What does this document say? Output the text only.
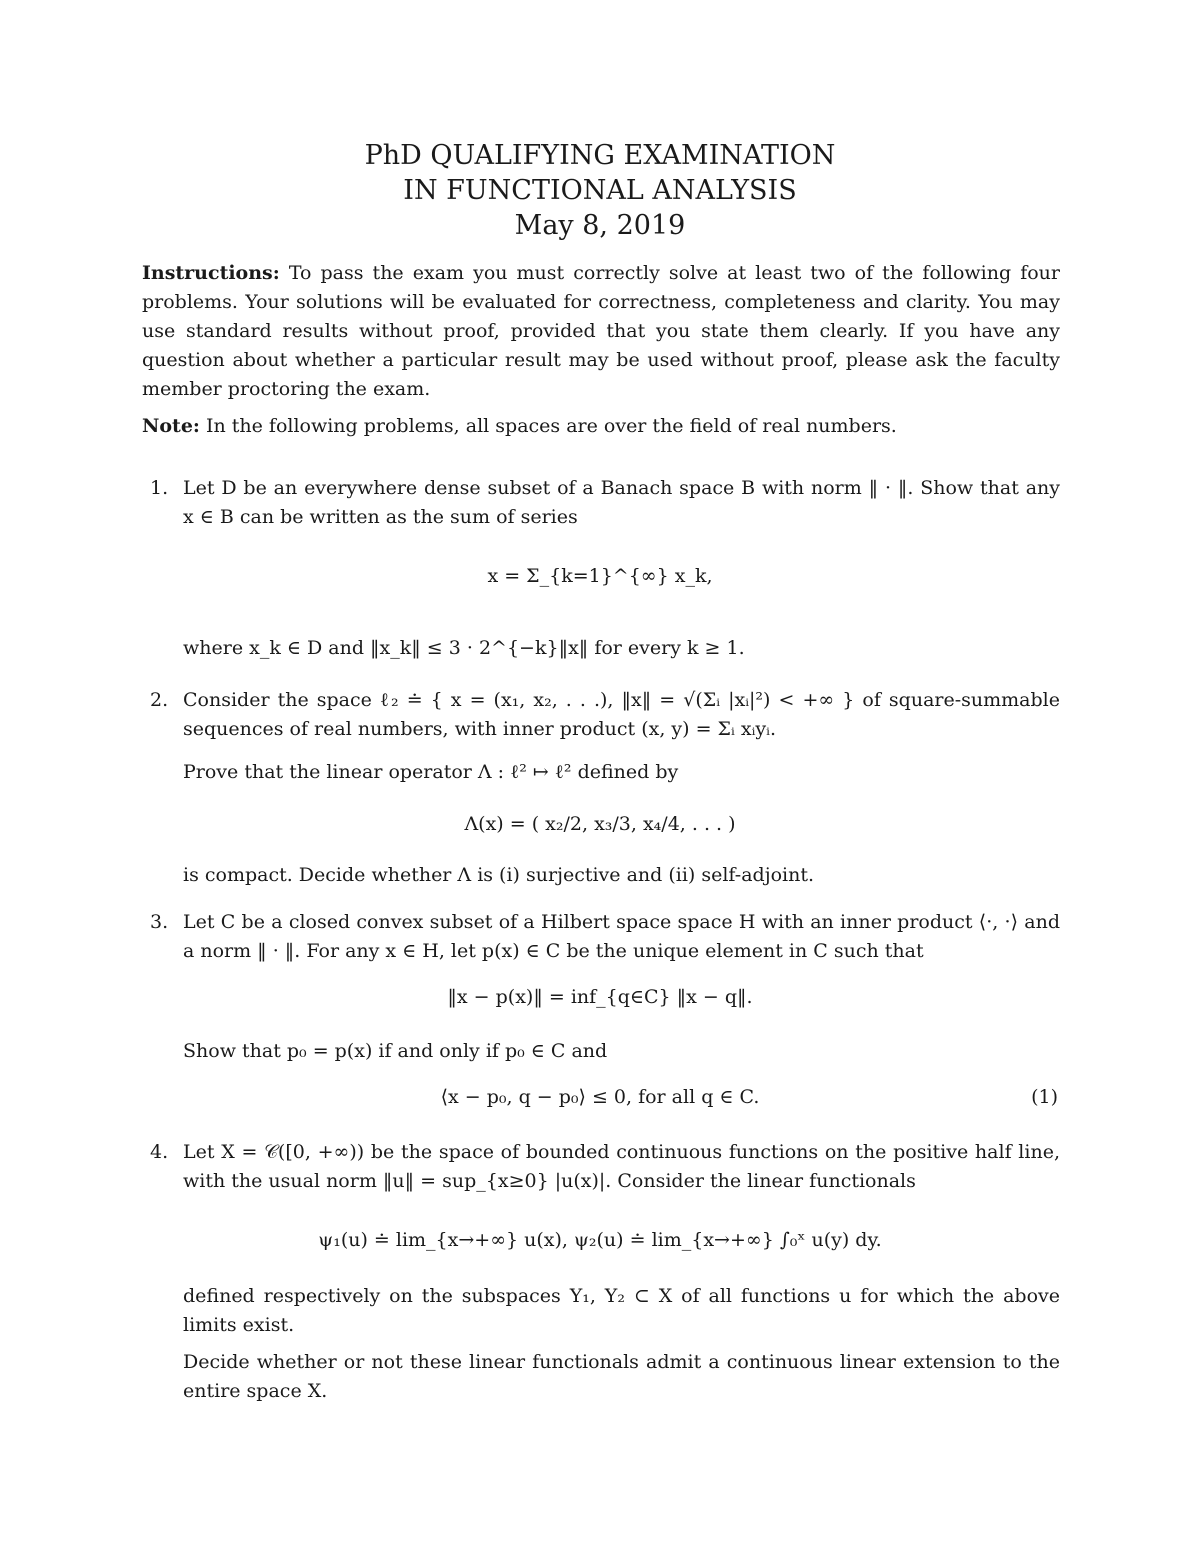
PhD QUALIFYING EXAMINATION
IN FUNCTIONAL ANALYSIS
May 8, 2019
Instructions: To pass the exam you must correctly solve at least two of the following four problems. Your solutions will be evaluated for correctness, completeness and clarity. You may use standard results without proof, provided that you state them clearly. If you have any question about whether a particular result may be used without proof, please ask the faculty member proctoring the exam.
Note: In the following problems, all spaces are over the field of real numbers.
1. Let D be an everywhere dense subset of a Banach space B with norm ‖ · ‖. Show that any x ∈ B can be written as the sum of series
x = Σ_{k=1}^{∞} x_k,
where x_k ∈ D and ‖x_k‖ ≤ 3 · 2^{−k}‖x‖ for every k ≥ 1.
2. Consider the space ℓ₂ ≐ { x = (x₁, x₂, . . .), ‖x‖ = √(Σᵢ |xᵢ|²) < +∞ } of square-summable sequences of real numbers, with inner product (x, y) = Σᵢ xᵢyᵢ.
Prove that the linear operator Λ : ℓ² ↦ ℓ² defined by
Λ(x) = ( x₂/2, x₃/3, x₄/4, . . . )
is compact. Decide whether Λ is (i) surjective and (ii) self-adjoint.
3. Let C be a closed convex subset of a Hilbert space space H with an inner product ⟨·, ·⟩ and a norm ‖ · ‖. For any x ∈ H, let p(x) ∈ C be the unique element in C such that
‖x − p(x)‖ = inf_{q∈C} ‖x − q‖.
Show that p₀ = p(x) if and only if p₀ ∈ C and
⟨x − p₀, q − p₀⟩ ≤ 0, for all q ∈ C.	(1)
4. Let X = 𝒞([0, +∞)) be the space of bounded continuous functions on the positive half line, with the usual norm ‖u‖ = sup_{x≥0} |u(x)|. Consider the linear functionals
ψ₁(u) ≐ lim_{x→+∞} u(x), ψ₂(u) ≐ lim_{x→+∞} ∫₀ˣ u(y) dy.
defined respectively on the subspaces Y₁, Y₂ ⊂ X of all functions u for which the above limits exist.
Decide whether or not these linear functionals admit a continuous linear extension to the entire space X.
